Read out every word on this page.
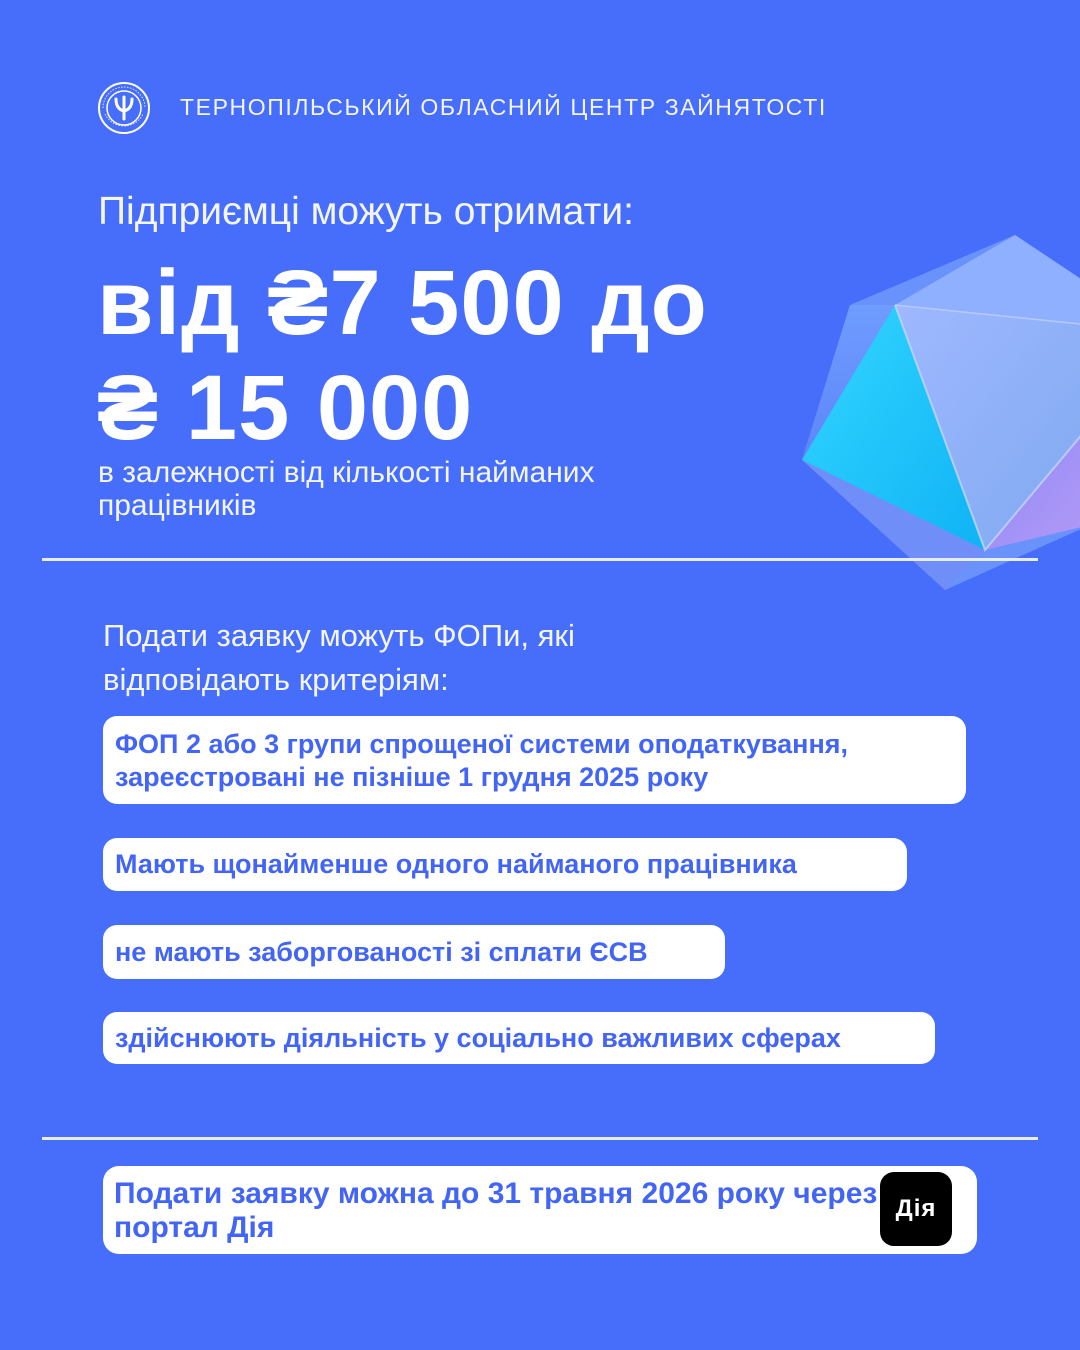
ТЕРНОПІЛЬСЬКИЙ ОБЛАСНИЙ ЦЕНТР ЗАЙНЯТОСТІ
Підприємці можуть отримати:
від ₴7 500 до
₴ 15 000
в залежності від кількості найманих працівників
Подати заявку можуть ФОПи, які відповідають критеріям:
ФОП 2 або 3 групи спрощеної системи оподаткування, зареєстровані не пізніше 1 грудня 2025 року
Мають щонайменше одного найманого працівника
не мають заборгованості зі сплати ЄСВ
здійснюють діяльність у соціально важливих сферах
Подати заявку можна до 31 травня 2026 року через портал Дія
Дія
